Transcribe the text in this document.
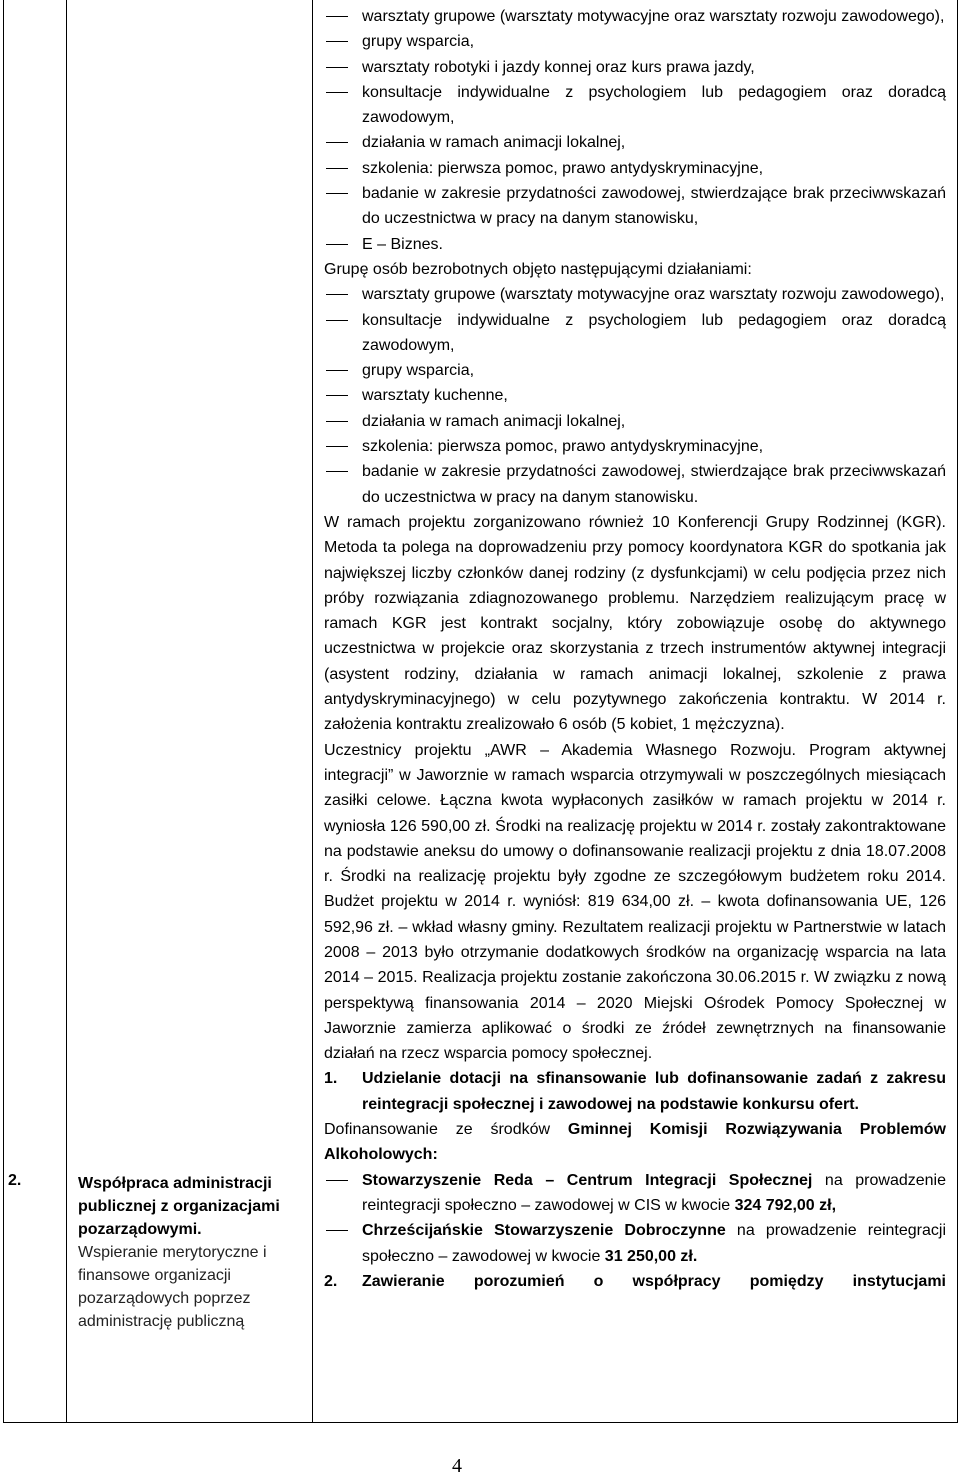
2.	Współpraca administracji publicznej z organizacjami pozarządowymi.
Wspieranie merytoryczne i finansowe organizacji pozarządowych poprzez administrację publiczną
warsztaty grupowe (warsztaty motywacyjne oraz warsztaty rozwoju zawodowego),
grupy wsparcia,
warsztaty robotyki i jazdy konnej oraz kurs prawa jazdy,
konsultacje indywidualne z psychologiem lub pedagogiem oraz doradcą zawodowym,
działania w ramach animacji lokalnej,
szkolenia: pierwsza pomoc, prawo antydyskryminacyjne,
badanie w zakresie przydatności zawodowej, stwierdzające brak przeciwwskazań do uczestnictwa w pracy na danym stanowisku,
E – Biznes.
Grupę osób bezrobotnych objęto następującymi działaniami:
warsztaty grupowe (warsztaty motywacyjne oraz warsztaty rozwoju zawodowego),
konsultacje indywidualne z psychologiem lub pedagogiem oraz doradcą zawodowym,
grupy wsparcia,
warsztaty kuchenne,
działania w ramach animacji lokalnej,
szkolenia: pierwsza pomoc, prawo antydyskryminacyjne,
badanie w zakresie przydatności zawodowej, stwierdzające brak przeciwwskazań do uczestnictwa w pracy na danym stanowisku.
W ramach projektu zorganizowano również 10 Konferencji Grupy Rodzinnej (KGR). Metoda ta polega na doprowadzeniu przy pomocy koordynatora KGR do spotkania jak największej liczby członków danej rodziny (z dysfunkcjami) w celu podjęcia przez nich próby rozwiązania zdiagnozowanego problemu. Narzędziem realizującym pracę w ramach KGR jest kontrakt socjalny, który zobowiązuje osobę do aktywnego uczestnictwa w projekcie oraz skorzystania z trzech instrumentów aktywnej integracji (asystent rodziny, działania w ramach animacji lokalnej, szkolenie z prawa antydyskryminacyjnego) w celu pozytywnego zakończenia kontraktu. W 2014 r. założenia kontraktu zrealizowało 6 osób (5 kobiet, 1 mężczyzna).
Uczestnicy projektu „AWR – Akademia Własnego Rozwoju. Program aktywnej integracji” w Jaworznie w ramach wsparcia otrzymywali w poszczególnych miesiącach zasiłki celowe. Łączna kwota wypłaconych zasiłków w ramach projektu w 2014 r. wyniosła 126 590,00 zł. Środki na realizację projektu w 2014 r. zostały zakontraktowane na podstawie aneksu do umowy o dofinansowanie realizacji projektu z dnia 18.07.2008 r. Środki na realizację projektu były zgodne ze szczegółowym budżetem roku 2014. Budżet projektu w 2014 r. wyniósł: 819 634,00 zł. – kwota dofinansowania UE, 126 592,96 zł. – wkład własny gminy. Rezultatem realizacji projektu w Partnerstwie w latach 2008 – 2013 było otrzymanie dodatkowych środków na organizację wsparcia na lata 2014 – 2015. Realizacja projektu zostanie zakończona 30.06.2015 r. W związku z nową perspektywą finansowania 2014 – 2020 Miejski Ośrodek Pomocy Społecznej w Jaworznie zamierza aplikować o środki ze źródeł zewnętrznych na finansowanie działań na rzecz wsparcia pomocy społecznej.
1. Udzielanie dotacji na sfinansowanie lub dofinansowanie zadań z zakresu reintegracji społecznej i zawodowej na podstawie konkursu ofert.
Dofinansowanie ze środków Gminnej Komisji Rozwiązywania Problemów Alkoholowych:
Stowarzyszenie Reda – Centrum Integracji Społecznej na prowadzenie reintegracji społeczno – zawodowej w CIS w kwocie 324 792,00 zł,
Chrześcijańskie Stowarzyszenie Dobroczynne na prowadzenie reintegracji społeczno – zawodowej w kwocie 31 250,00 zł.
2. Zawieranie porozumień o współpracy pomiędzy instytucjami
4
